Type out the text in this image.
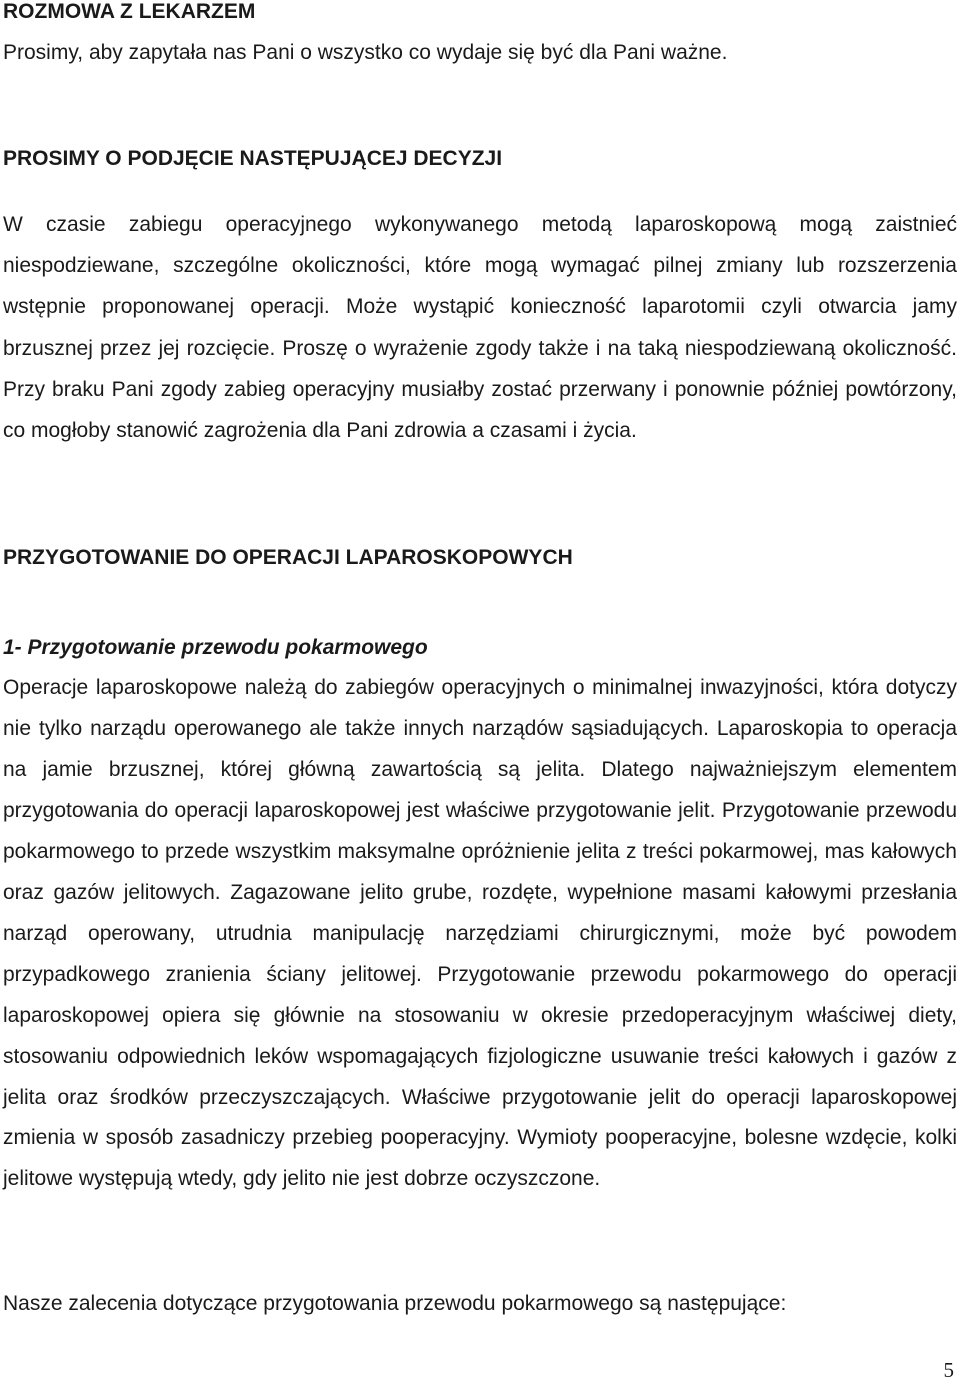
ROZMOWA Z LEKARZEM

Prosimy, aby zapytała nas Pani o wszystko co wydaje się być dla Pani ważne.

PROSIMY O PODJĘCIE NASTĘPUJĄCEJ DECYZJI

W czasie zabiegu operacyjnego wykonywanego metodą laparoskopową mogą zaistnieć niespodziewane, szczególne okoliczności, które mogą wymagać pilnej zmiany lub rozszerzenia wstępnie proponowanej operacji. Może wystąpić konieczność laparotomii czyli otwarcia jamy brzusznej przez jej rozcięcie. Proszę o wyrażenie zgody także i na taką niespodziewaną okoliczność. Przy braku Pani zgody zabieg operacyjny musiałby zostać przerwany i ponownie później powtórzony, co mogłoby stanowić zagrożenia dla Pani zdrowia a czasami i życia.

PRZYGOTOWANIE DO OPERACJI LAPAROSKOPOWYCH

1- Przygotowanie przewodu pokarmowego

Operacje laparoskopowe należą do zabiegów operacyjnych o minimalnej inwazyjności, która dotyczy nie tylko narządu operowanego ale także innych narządów sąsiadujących. Laparoskopia to operacja na jamie brzusznej, której główną zawartością są jelita. Dlatego najważniejszym elementem przygotowania do operacji laparoskopowej jest właściwe przygotowanie jelit. Przygotowanie przewodu pokarmowego to przede wszystkim maksymalne opróżnienie jelita z treści pokarmowej, mas kałowych oraz gazów jelitowych. Zagazowane jelito grube, rozdęte, wypełnione masami kałowymi przesłania narząd operowany, utrudnia manipulację narzędziami chirurgicznymi, może być powodem przypadkowego zranienia ściany jelitowej. Przygotowanie przewodu pokarmowego do operacji laparoskopowej opiera się głównie na stosowaniu w okresie przedoperacyjnym właściwej diety, stosowaniu odpowiednich leków wspomagających fizjologiczne usuwanie treści kałowych i gazów z jelita oraz środków przeczyszczających. Właściwe przygotowanie jelit do operacji laparoskopowej zmienia w sposób zasadniczy przebieg pooperacyjny. Wymioty pooperacyjne, bolesne wzdęcie, kolki jelitowe występują wtedy, gdy jelito nie jest dobrze oczyszczone.

Nasze zalecenia dotyczące przygotowania przewodu pokarmowego są następujące:

5
